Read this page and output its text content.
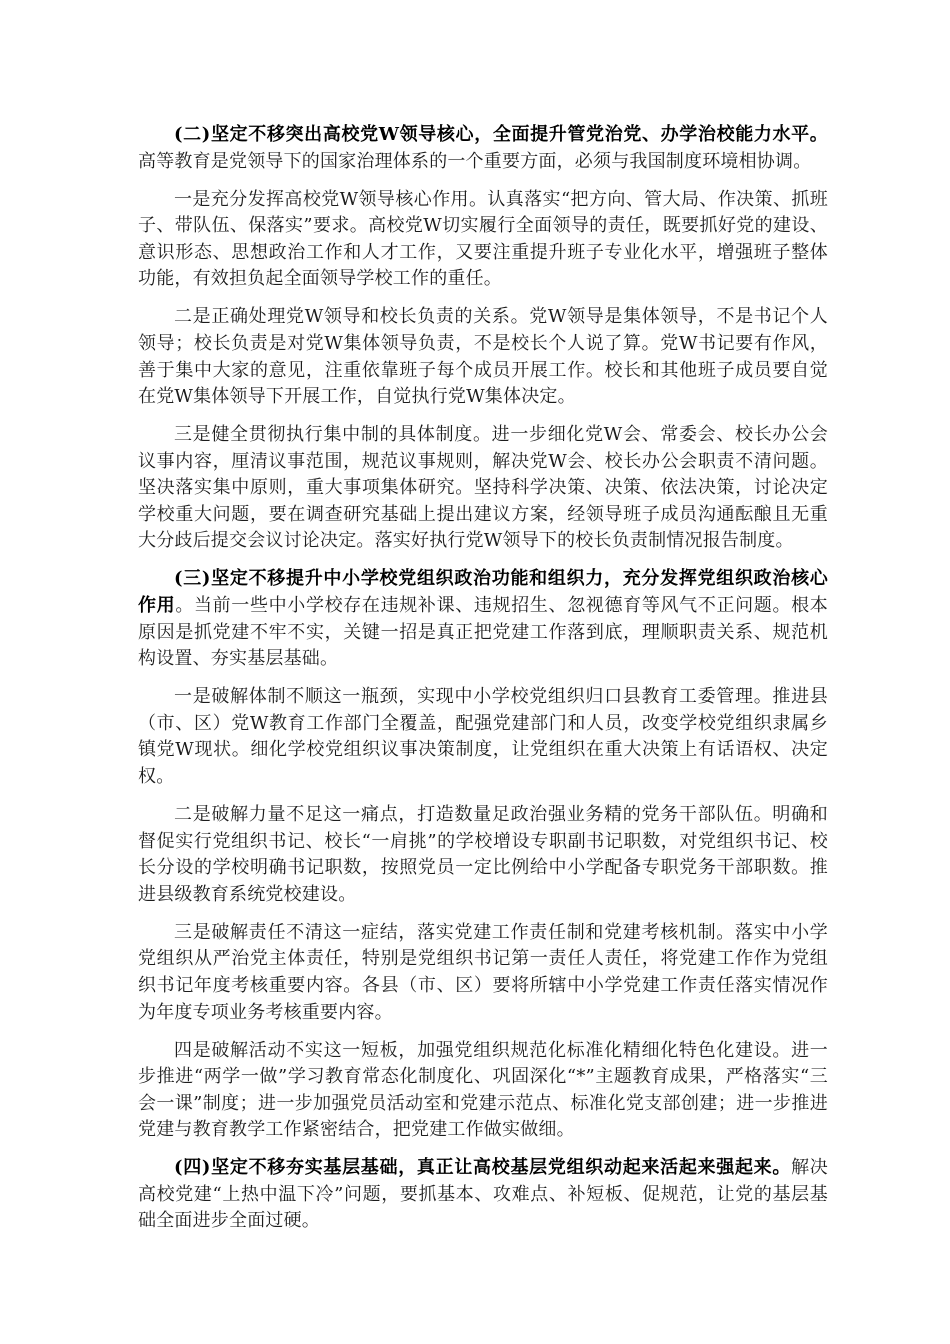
(二)坚定不移突出高校党W领导核心，全面提升管党治党、办学治校能力水平。高等教育是党领导下的国家治理体系的一个重要方面，必须与我国制度环境相协调。

一是充分发挥高校党W领导核心作用。认真落实“把方向、管大局、作决策、抓班子、带队伍、保落实”要求。高校党W切实履行全面领导的责任，既要抓好党的建设、意识形态、思想政治工作和人才工作，又要注重提升班子专业化水平，增强班子整体功能，有效担负起全面领导学校工作的重任。

二是正确处理党W领导和校长负责的关系。党W领导是集体领导，不是书记个人领导；校长负责是对党W集体领导负责，不是校长个人说了算。党W书记要有作风，善于集中大家的意见，注重依靠班子每个成员开展工作。校长和其他班子成员要自觉在党W集体领导下开展工作，自觉执行党W集体决定。

三是健全贯彻执行集中制的具体制度。进一步细化党W会、常委会、校长办公会议事内容，厘清议事范围，规范议事规则，解决党W会、校长办公会职责不清问题。坚决落实集中原则，重大事项集体研究。坚持科学决策、决策、依法决策，讨论决定学校重大问题，要在调查研究基础上提出建议方案，经领导班子成员沟通酝酿且无重大分歧后提交会议讨论决定。落实好执行党W领导下的校长负责制情况报告制度。

(三)坚定不移提升中小学校党组织政治功能和组织力，充分发挥党组织政治核心作用。当前一些中小学校存在违规补课、违规招生、忽视德育等风气不正问题。根本原因是抓党建不牢不实，关键一招是真正把党建工作落到底，理顺职责关系、规范机构设置、夯实基层基础。

一是破解体制不顺这一瓶颈，实现中小学校党组织归口县教育工委管理。推进县（市、区）党W教育工作部门全覆盖，配强党建部门和人员，改变学校党组织隶属乡镇党W现状。细化学校党组织议事决策制度，让党组织在重大决策上有话语权、决定权。

二是破解力量不足这一痛点，打造数量足政治强业务精的党务干部队伍。明确和督促实行党组织书记、校长“一肩挑”的学校增设专职副书记职数，对党组织书记、校长分设的学校明确书记职数，按照党员一定比例给中小学配备专职党务干部职数。推进县级教育系统党校建设。

三是破解责任不清这一症结，落实党建工作责任制和党建考核机制。落实中小学党组织从严治党主体责任，特别是党组织书记第一责任人责任，将党建工作作为党组织书记年度考核重要内容。各县（市、区）要将所辖中小学党建工作责任落实情况作为年度专项业务考核重要内容。

四是破解活动不实这一短板，加强党组织规范化标准化精细化特色化建设。进一步推进“两学一做”学习教育常态化制度化、巩固深化“*”主题教育成果，严格落实“三会一课”制度；进一步加强党员活动室和党建示范点、标准化党支部创建；进一步推进党建与教育教学工作紧密结合，把党建工作做实做细。

(四)坚定不移夯实基层基础，真正让高校基层党组织动起来活起来强起来。解决高校党建“上热中温下冷”问题，要抓基本、攻难点、补短板、促规范，让党的基层基础全面进步全面过硬。
